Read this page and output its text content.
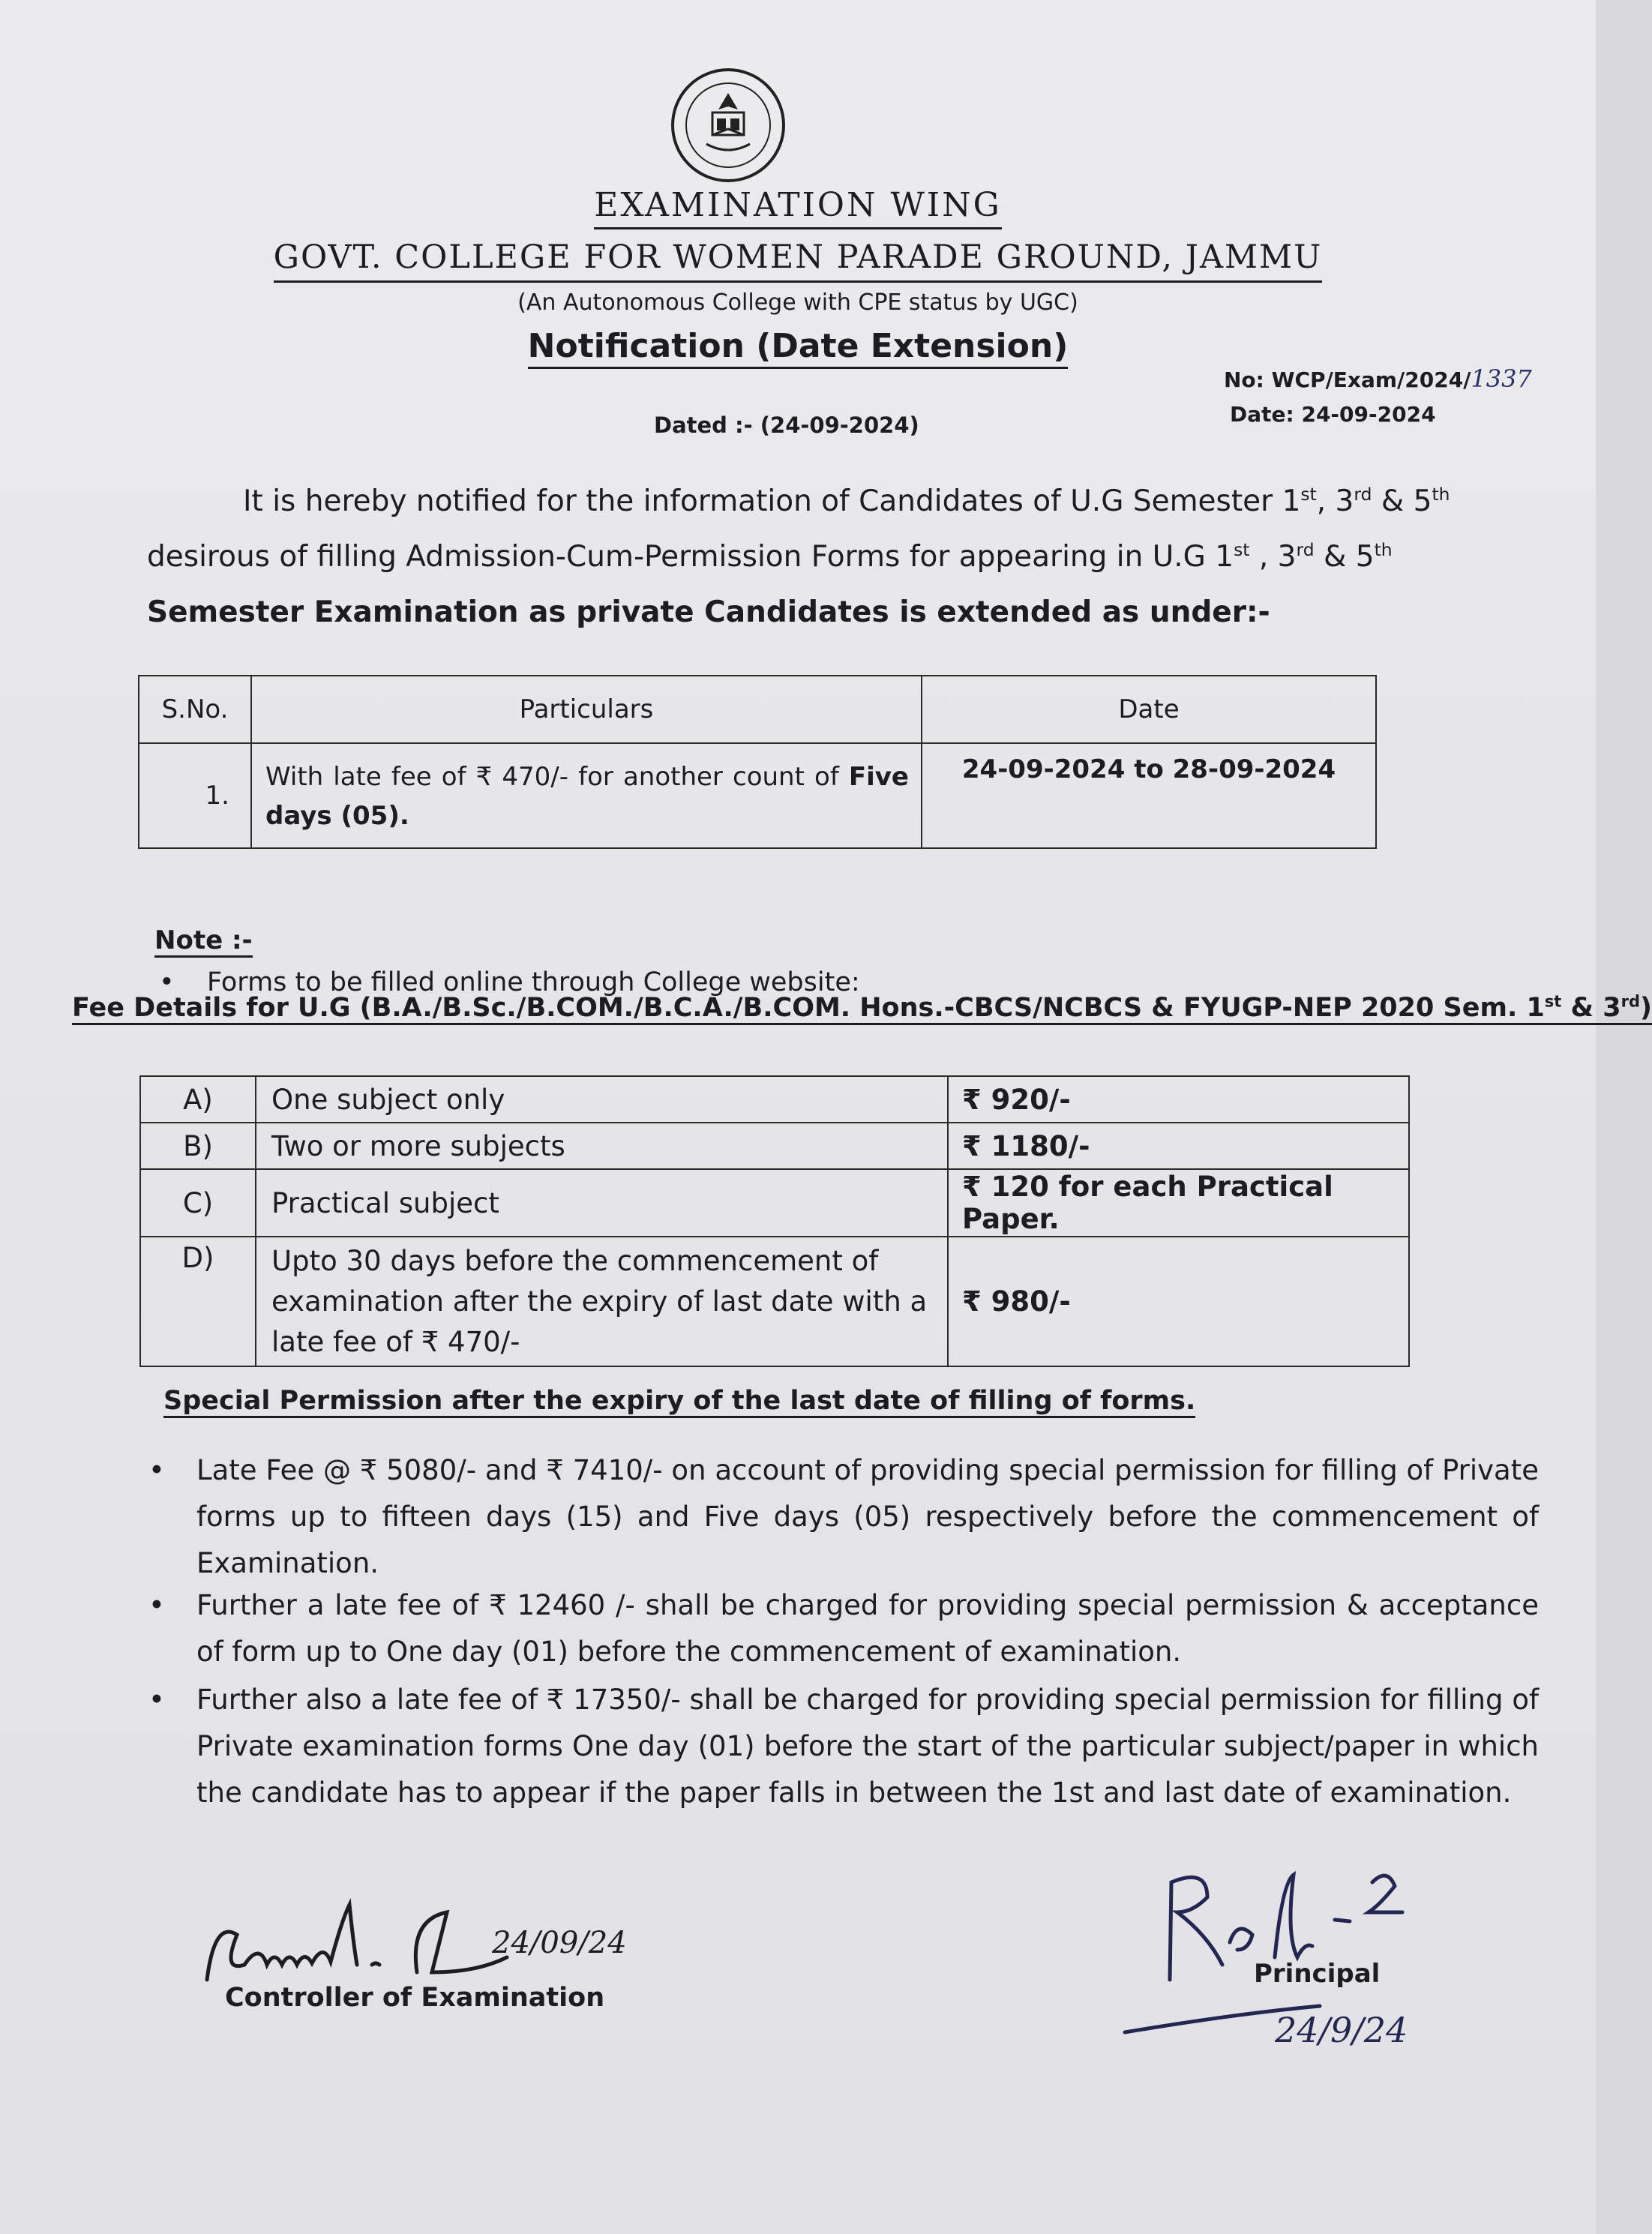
EXAMINATION WING
GOVT. COLLEGE FOR WOMEN PARADE GROUND, JAMMU
(An Autonomous College with CPE status by UGC)
Notification (Date Extension)
No: WCP/Exam/2024/1337
Date: 24-09-2024
Dated :- (24-09-2024)
It is hereby notified for the information of Candidates of U.G Semester 1st, 3rd & 5th
desirous of filling Admission-Cum-Permission Forms for appearing in U.G 1st , 3rd & 5th
Semester Examination as private Candidates is extended as under:-
S.No.	Particulars	Date
1.	With late fee of ₹ 470/- for another count of Five days (05).	24-09-2024 to 28-09-2024
Note :-
• Forms to be filled online through College website:
Fee Details for U.G (B.A./B.Sc./B.COM./B.C.A./B.COM. Hons.-CBCS/NCBCS & FYUGP-NEP 2020 Sem. 1st & 3rd)
A)	One subject only	₹ 920/-
B)	Two or more subjects	₹ 1180/-
C)	Practical subject	₹ 120 for each Practical Paper.
D)	Upto 30 days before the commencement of examination after the expiry of last date with a late fee of ₹ 470/-	₹ 980/-
Special Permission after the expiry of the last date of filling of forms.
• Late Fee @ ₹ 5080/- and ₹ 7410/- on account of providing special permission for filling of Private forms up to fifteen days (15) and Five days (05) respectively before the commencement of Examination.
• Further a late fee of ₹ 12460 /- shall be charged for providing special permission & acceptance of form up to One day (01) before the commencement of examination.
• Further also a late fee of ₹ 17350/- shall be charged for providing special permission for filling of Private examination forms One day (01) before the start of the particular subject/paper in which the candidate has to appear if the paper falls in between the 1st and last date of examination.
24/09/24
Controller of Examination
Principal
24/9/24
